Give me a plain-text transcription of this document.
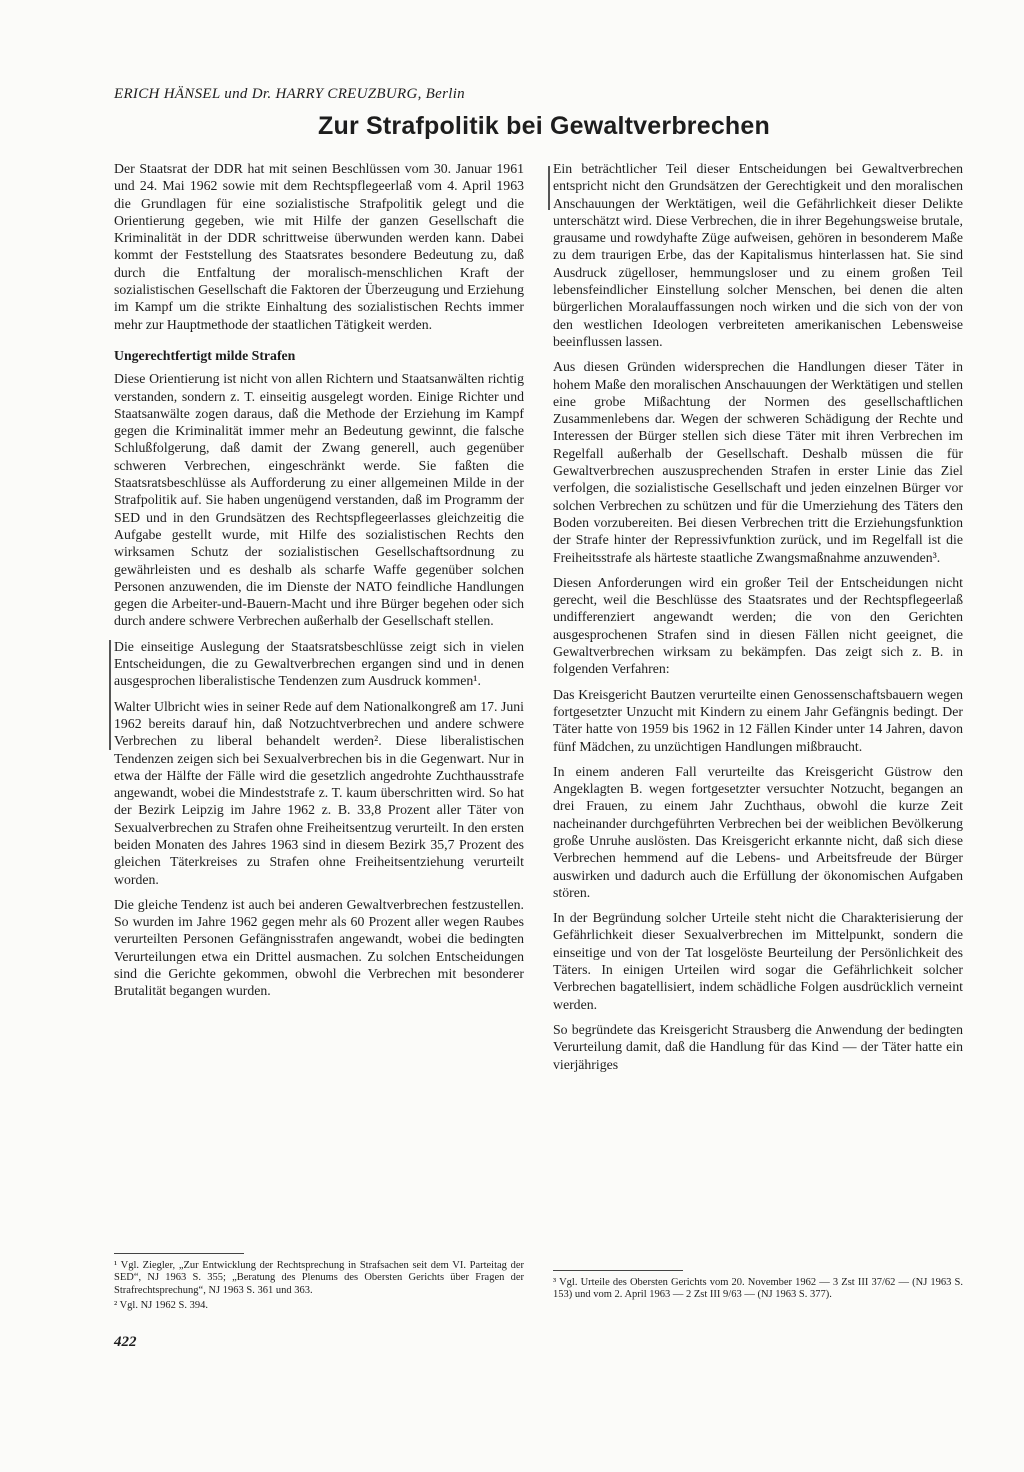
ERICH HÄNSEL und Dr. HARRY CREUZBURG, Berlin
Zur Strafpolitik bei Gewaltverbrechen

Der Staatsrat der DDR hat mit seinen Beschlüssen vom 30. Januar 1961 und 24. Mai 1962 sowie mit dem Rechtspflegeerlaß vom 4. April 1963 die Grundlagen für eine sozialistische Strafpolitik gelegt und die Orientierung gegeben, wie mit Hilfe der ganzen Gesellschaft die Kriminalität in der DDR schrittweise überwunden werden kann. Dabei kommt der Feststellung des Staatsrates besondere Bedeutung zu, daß durch die Entfaltung der moralisch-menschlichen Kraft der sozialistischen Gesellschaft die Faktoren der Überzeugung und Erziehung im Kampf um die strikte Einhaltung des sozialistischen Rechts immer mehr zur Hauptmethode der staatlichen Tätigkeit werden.

Ungerechtfertigt milde Strafen

Diese Orientierung ist nicht von allen Richtern und Staatsanwälten richtig verstanden, sondern z. T. einseitig ausgelegt worden. Einige Richter und Staatsanwälte zogen daraus, daß die Methode der Erziehung im Kampf gegen die Kriminalität immer mehr an Bedeutung gewinnt, die falsche Schlußfolgerung, daß damit der Zwang generell, auch gegenüber schweren Verbrechen, eingeschränkt werde. Sie faßten die Staatsratsbeschlüsse als Aufforderung zu einer allgemeinen Milde in der Strafpolitik auf. Sie haben ungenügend verstanden, daß im Programm der SED und in den Grundsätzen des Rechtspflegeerlasses gleichzeitig die Aufgabe gestellt wurde, mit Hilfe des sozialistischen Rechts den wirksamen Schutz der sozialistischen Gesellschaftsordnung zu gewährleisten und es deshalb als scharfe Waffe gegenüber solchen Personen anzuwenden, die im Dienste der NATO feindliche Handlungen gegen die Arbeiter-und-Bauern-Macht und ihre Bürger begehen oder sich durch andere schwere Verbrechen außerhalb der Gesellschaft stellen.

Die einseitige Auslegung der Staatsratsbeschlüsse zeigt sich in vielen Entscheidungen, die zu Gewaltverbrechen ergangen sind und in denen ausgesprochen liberalistische Tendenzen zum Ausdruck kommen¹.

Walter Ulbricht wies in seiner Rede auf dem Nationalkongreß am 17. Juni 1962 bereits darauf hin, daß Notzuchtverbrechen und andere schwere Verbrechen zu liberal behandelt werden². Diese liberalistischen Tendenzen zeigen sich bei Sexualverbrechen bis in die Gegenwart. Nur in etwa der Hälfte der Fälle wird die gesetzlich angedrohte Zuchthausstrafe angewandt, wobei die Mindeststrafe z. T. kaum überschritten wird. So hat der Bezirk Leipzig im Jahre 1962 z. B. 33,8 Prozent aller Täter von Sexualverbrechen zu Strafen ohne Freiheitsentzug verurteilt. In den ersten beiden Monaten des Jahres 1963 sind in diesem Bezirk 35,7 Prozent des gleichen Täterkreises zu Strafen ohne Freiheitsentziehung verurteilt worden.

Die gleiche Tendenz ist auch bei anderen Gewaltverbrechen festzustellen. So wurden im Jahre 1962 gegen mehr als 60 Prozent aller wegen Raubes verurteilten Personen Gefängnisstrafen angewandt, wobei die bedingten Verurteilungen etwa ein Drittel ausmachen. Zu solchen Entscheidungen sind die Gerichte gekommen, obwohl die Verbrechen mit besonderer Brutalität begangen wurden.

Ein beträchtlicher Teil dieser Entscheidungen bei Gewaltverbrechen entspricht nicht den Grundsätzen der Gerechtigkeit und den moralischen Anschauungen der Werktätigen, weil die Gefährlichkeit dieser Delikte unterschätzt wird. Diese Verbrechen, die in ihrer Begehungsweise brutale, grausame und rowdyhafte Züge aufweisen, gehören in besonderem Maße zu dem traurigen Erbe, das der Kapitalismus hinterlassen hat. Sie sind Ausdruck zügelloser, hemmungsloser und zu einem großen Teil lebensfeindlicher Einstellung solcher Menschen, bei denen die alten bürgerlichen Moralauffassungen noch wirken und die sich von der von den westlichen Ideologen verbreiteten amerikanischen Lebensweise beeinflussen lassen.

Aus diesen Gründen widersprechen die Handlungen dieser Täter in hohem Maße den moralischen Anschauungen der Werktätigen und stellen eine grobe Mißachtung der Normen des gesellschaftlichen Zusammenlebens dar. Wegen der schweren Schädigung der Rechte und Interessen der Bürger stellen sich diese Täter mit ihren Verbrechen im Regelfall außerhalb der Gesellschaft. Deshalb müssen die für Gewaltverbrechen auszusprechenden Strafen in erster Linie das Ziel verfolgen, die sozialistische Gesellschaft und jeden einzelnen Bürger vor solchen Verbrechen zu schützen und für die Umerziehung des Täters den Boden vorzubereiten. Bei diesen Verbrechen tritt die Erziehungsfunktion der Strafe hinter der Repressivfunktion zurück, und im Regelfall ist die Freiheitsstrafe als härteste staatliche Zwangsmaßnahme anzuwenden³.

Diesen Anforderungen wird ein großer Teil der Entscheidungen nicht gerecht, weil die Beschlüsse des Staatsrates und der Rechtspflegeerlaß undifferenziert angewandt werden; die von den Gerichten ausgesprochenen Strafen sind in diesen Fällen nicht geeignet, die Gewaltverbrechen wirksam zu bekämpfen. Das zeigt sich z. B. in folgenden Verfahren:

Das Kreisgericht Bautzen verurteilte einen Genossenschaftsbauern wegen fortgesetzter Unzucht mit Kindern zu einem Jahr Gefängnis bedingt. Der Täter hatte von 1959 bis 1962 in 12 Fällen Kinder unter 14 Jahren, davon fünf Mädchen, zu unzüchtigen Handlungen mißbraucht.

In einem anderen Fall verurteilte das Kreisgericht Güstrow den Angeklagten B. wegen fortgesetzter versuchter Notzucht, begangen an drei Frauen, zu einem Jahr Zuchthaus, obwohl die kurze Zeit nacheinander durchgeführten Verbrechen bei der weiblichen Bevölkerung große Unruhe auslösten. Das Kreisgericht erkannte nicht, daß sich diese Verbrechen hemmend auf die Lebens- und Arbeitsfreude der Bürger auswirken und dadurch auch die Erfüllung der ökonomischen Aufgaben stören.

In der Begründung solcher Urteile steht nicht die Charakterisierung der Gefährlichkeit dieser Sexualverbrechen im Mittelpunkt, sondern die einseitige und von der Tat losgelöste Beurteilung der Persönlichkeit des Täters. In einigen Urteilen wird sogar die Gefährlichkeit solcher Verbrechen bagatellisiert, indem schädliche Folgen ausdrücklich verneint werden.

So begründete das Kreisgericht Strausberg die Anwendung der bedingten Verurteilung damit, daß die Handlung für das Kind — der Täter hatte ein vierjähriges

¹ Vgl. Ziegler, „Zur Entwicklung der Rechtsprechung in Strafsachen seit dem VI. Parteitag der SED“, NJ 1963 S. 355; „Beratung des Plenums des Obersten Gerichts über Fragen der Strafrechtsprechung“, NJ 1963 S. 361 und 363.

² Vgl. NJ 1962 S. 394.

³ Vgl. Urteile des Obersten Gerichts vom 20. November 1962 — 3 Zst III 37/62 — (NJ 1963 S. 153) und vom 2. April 1963 — 2 Zst III 9/63 — (NJ 1963 S. 377).

422
